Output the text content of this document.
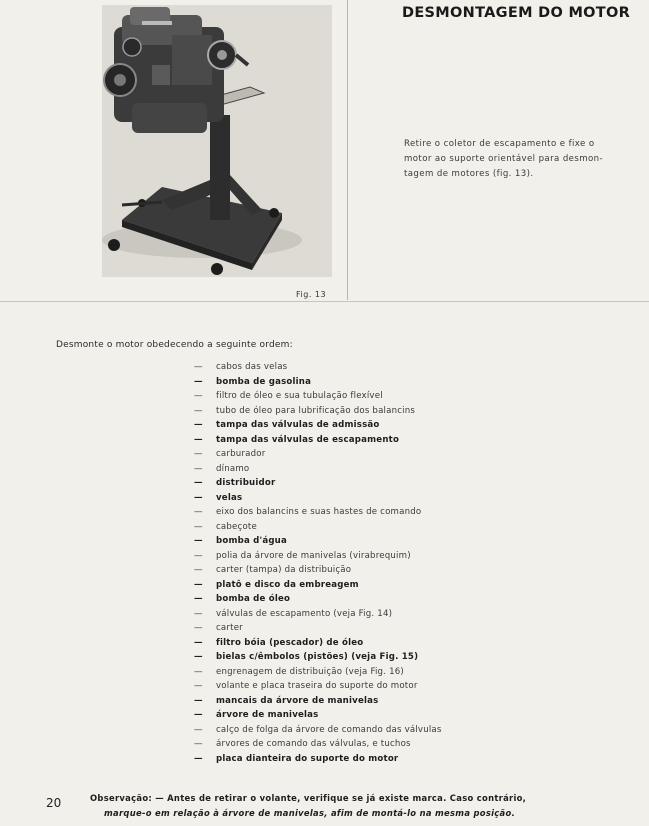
Fig. 13
DESMONTAGEM DO MOTOR
Retire o coletor de escapamento e fixe o
motor ao suporte orientável para desmon-
tagem de motores (fig. 13).
Desmonte o motor obedecendo a seguinte ordem:
— cabos das velas
— bomba de gasolina
— filtro de óleo e sua tubulação flexível
— tubo de óleo para lubrificação dos balancins
— tampa das válvulas de admissão
— tampa das válvulas de escapamento
— carburador
— dínamo
— distribuidor
— velas
— eixo dos balancins e suas hastes de comando
— cabeçote
— bomba d'água
— polia da árvore de manivelas (virabrequim)
— carter (tampa) da distribuição
— platô e disco da embreagem
— bomba de óleo
— válvulas de escapamento (veja Fig. 14)
— carter
— filtro bóia (pescador) de óleo
— bielas c/êmbolos (pistões) (veja Fig. 15)
— engrenagem de distribuição (veja Fig. 16)
— volante e placa traseira do suporte do motor
— mancais da árvore de manivelas
— árvore de manivelas
— calço de folga da árvore de comando das válvulas
— árvores de comando das válvulas, e tuchos
— placa dianteira do suporte do motor
20	Observação: — Antes de retirar o volante, verifique se já existe marca. Caso contrário,
marque-o em relação à árvore de manivelas, afim de montá-lo na mesma posição.
